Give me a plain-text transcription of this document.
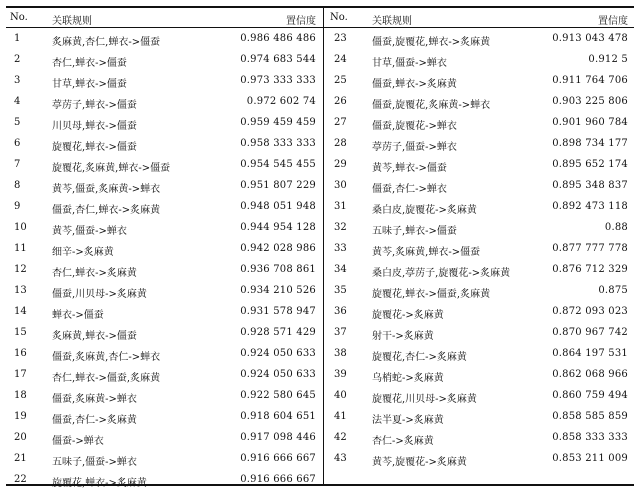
No.	关联规则	置信度
1	炙麻黄,杏仁,蝉衣->僵蚕	0.986 486 486
2	杏仁,蝉衣->僵蚕	0.974 683 544
3	甘草,蝉衣->僵蚕	0.973 333 333
4	葶苈子,蝉衣->僵蚕	0.972 602 74
5	川贝母,蝉衣->僵蚕	0.959 459 459
6	旋覆花,蝉衣->僵蚕	0.958 333 333
7	旋覆花,炙麻黄,蝉衣->僵蚕	0.954 545 455
8	黄芩,僵蚕,炙麻黄->蝉衣	0.951 807 229
9	僵蚕,杏仁,蝉衣->炙麻黄	0.948 051 948
10	黄芩,僵蚕->蝉衣	0.944 954 128
11	细辛->炙麻黄	0.942 028 986
12	杏仁,蝉衣->炙麻黄	0.936 708 861
13	僵蚕,川贝母->炙麻黄	0.934 210 526
14	蝉衣->僵蚕	0.931 578 947
15	炙麻黄,蝉衣->僵蚕	0.928 571 429
16	僵蚕,炙麻黄,杏仁->蝉衣	0.924 050 633
17	杏仁,蝉衣->僵蚕,炙麻黄	0.924 050 633
18	僵蚕,炙麻黄->蝉衣	0.922 580 645
19	僵蚕,杏仁->炙麻黄	0.918 604 651
20	僵蚕->蝉衣	0.917 098 446
21	五味子,僵蚕->蝉衣	0.916 666 667
22	旋覆花,蝉衣->炙麻黄	0.916 666 667
No.	关联规则	置信度
23	僵蚕,旋覆花,蝉衣->炙麻黄	0.913 043 478
24	甘草,僵蚕->蝉衣	0.912 5
25	僵蚕,蝉衣->炙麻黄	0.911 764 706
26	僵蚕,旋覆花,炙麻黄->蝉衣	0.903 225 806
27	僵蚕,旋覆花->蝉衣	0.901 960 784
28	葶苈子,僵蚕->蝉衣	0.898 734 177
29	黄芩,蝉衣->僵蚕	0.895 652 174
30	僵蚕,杏仁->蝉衣	0.895 348 837
31	桑白皮,旋覆花->炙麻黄	0.892 473 118
32	五味子,蝉衣->僵蚕	0.88
33	黄芩,炙麻黄,蝉衣->僵蚕	0.877 777 778
34	桑白皮,葶苈子,旋覆花->炙麻黄	0.876 712 329
35	旋覆花,蝉衣->僵蚕,炙麻黄	0.875
36	旋覆花->炙麻黄	0.872 093 023
37	射干->炙麻黄	0.870 967 742
38	旋覆花,杏仁->炙麻黄	0.864 197 531
39	乌梢蛇->炙麻黄	0.862 068 966
40	旋覆花,川贝母->炙麻黄	0.860 759 494
41	法半夏->炙麻黄	0.858 585 859
42	杏仁->炙麻黄	0.858 333 333
43	黄芩,旋覆花->炙麻黄	0.853 211 009
